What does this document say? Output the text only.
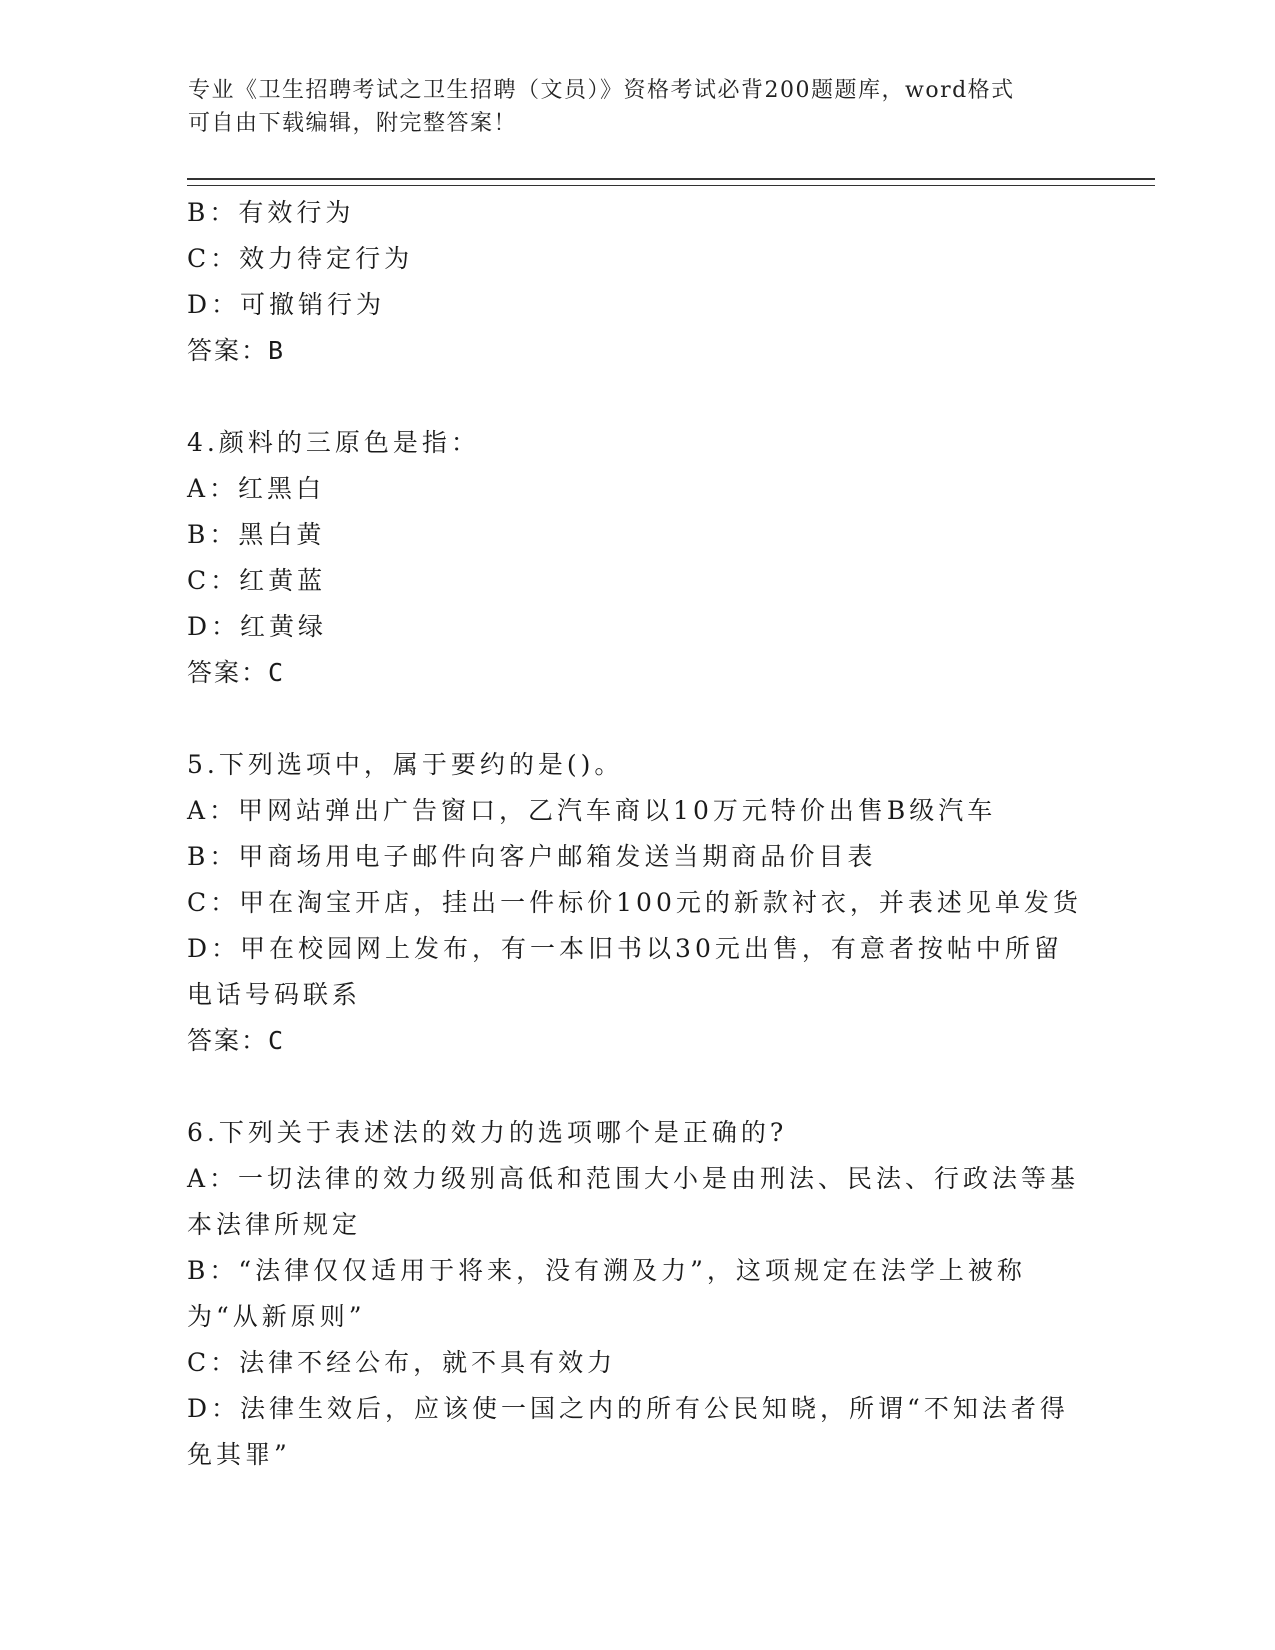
专业《卫生招聘考试之卫生招聘（文员）》资格考试必背200题题库，word格式
可自由下载编辑，附完整答案！
B：有效行为
C：效力待定行为
D：可撤销行为
答案：B
4.颜料的三原色是指：
A：红黑白
B：黑白黄
C：红黄蓝
D：红黄绿
答案：C
5.下列选项中，属于要约的是()。
A：甲网站弹出广告窗口，乙汽车商以10万元特价出售B级汽车
B：甲商场用电子邮件向客户邮箱发送当期商品价目表
C：甲在淘宝开店，挂出一件标价100元的新款衬衣，并表述见单发货
D：甲在校园网上发布，有一本旧书以30元出售，有意者按帖中所留电话号码联系
答案：C
6.下列关于表述法的效力的选项哪个是正确的?
A：一切法律的效力级别高低和范围大小是由刑法、民法、行政法等基本法律所规定
B：“法律仅仅适用于将来，没有溯及力”，这项规定在法学上被称为“从新原则”
C：法律不经公布，就不具有效力
D：法律生效后，应该使一国之内的所有公民知晓，所谓“不知法者得免其罪”
